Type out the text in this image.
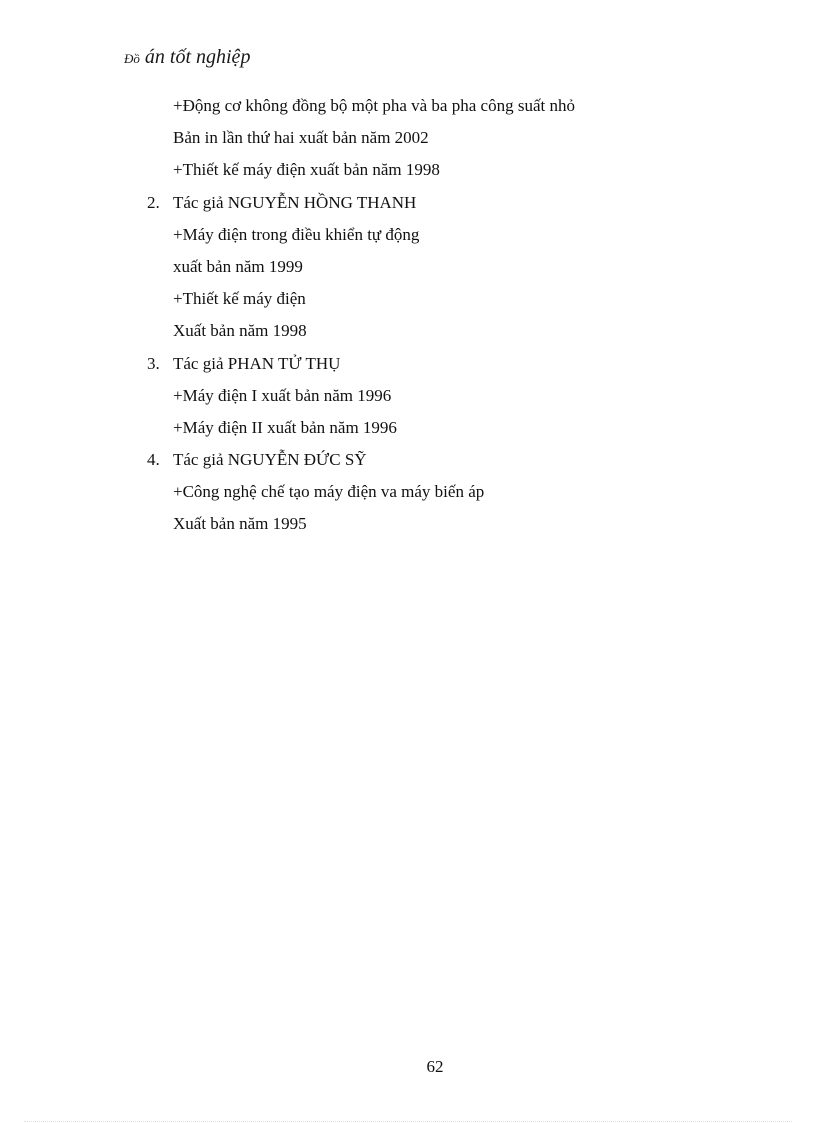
Đồ án tốt nghiệp
+Động cơ không đồng bộ một pha và ba pha công suất nhỏ
Bản in lần thứ hai xuất bản năm 2002
+Thiết kế máy điện xuất bản năm 1998
2. Tác giả NGUYỄN HỒNG THANH
+Máy điện trong điều khiển tự động
xuất bản năm 1999
+Thiết kế máy điện
Xuất bản năm 1998
3. Tác giả PHAN TỬ THỤ
+Máy điện I xuất bản năm 1996
+Máy điện II xuất bản năm 1996
4. Tác giả NGUYỄN ĐỨC SỸ
+Công nghệ chế tạo máy điện va máy biến áp
Xuất bản năm 1995
62
